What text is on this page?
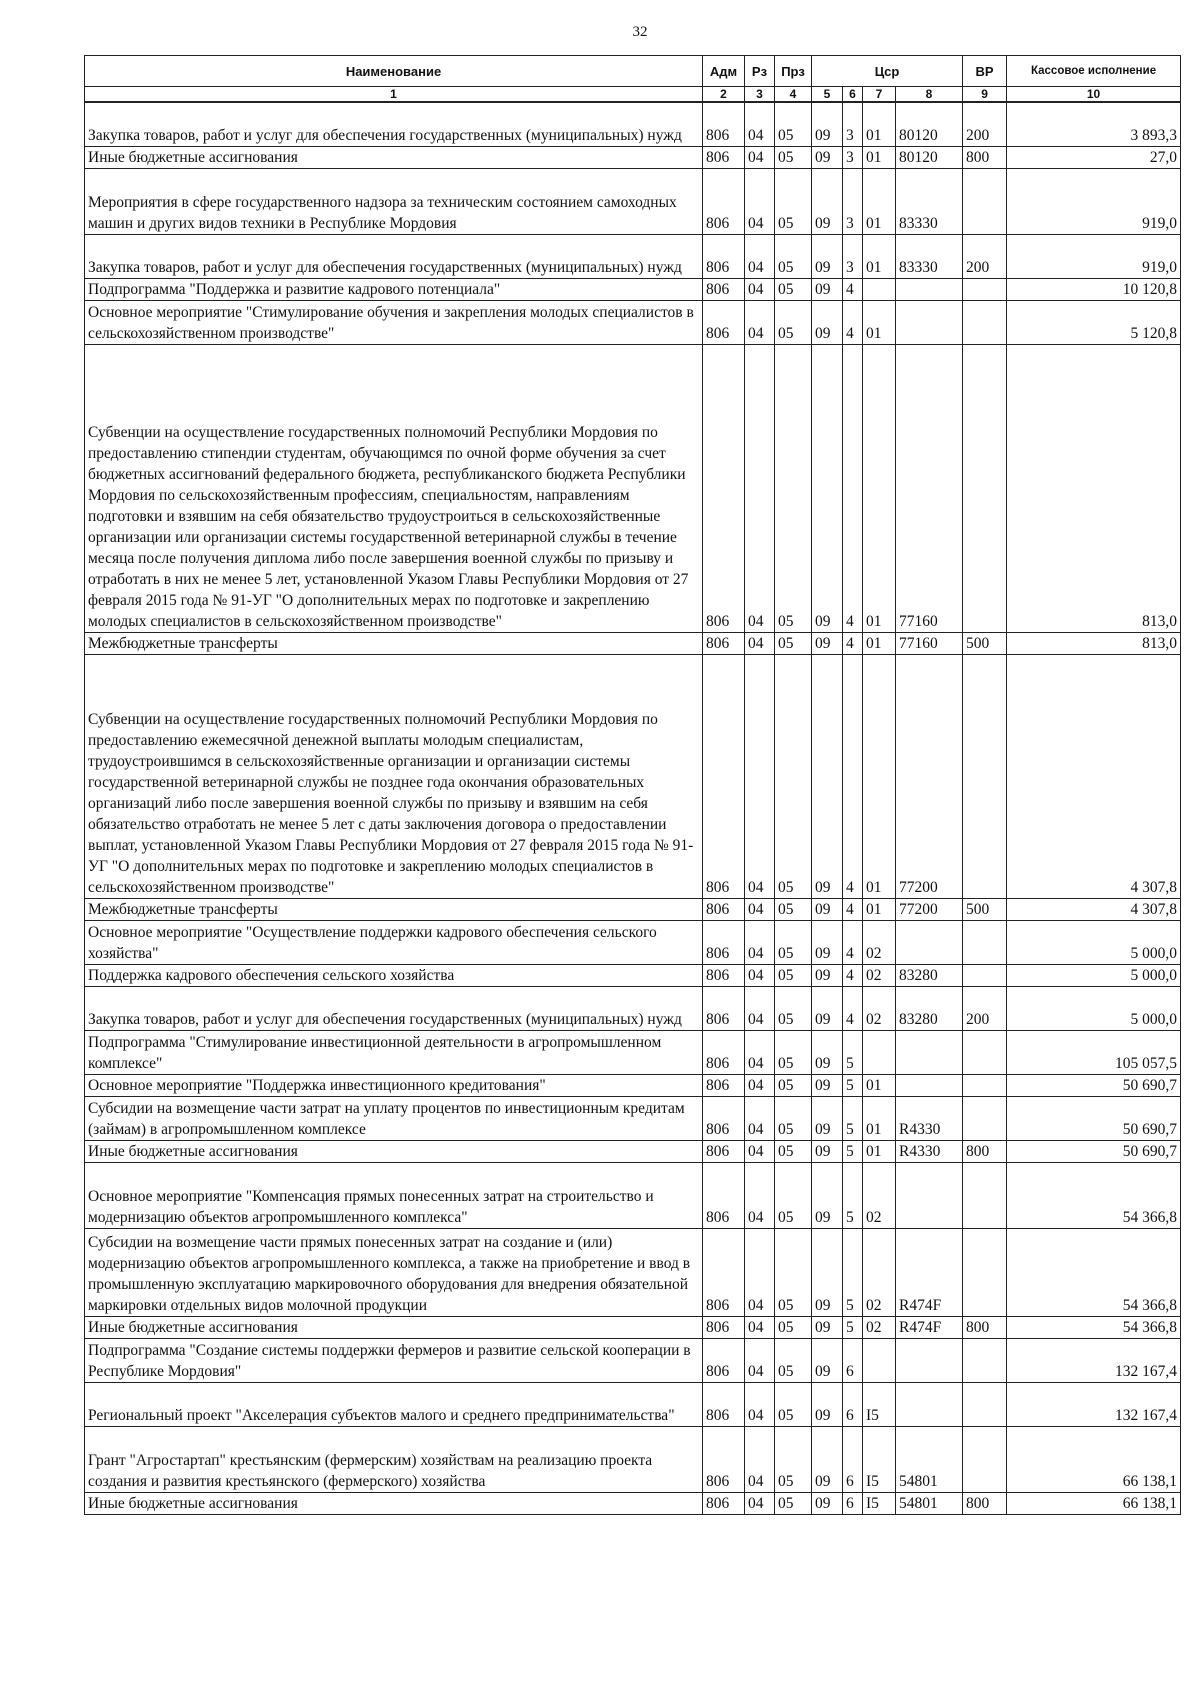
32
Наименование	Адм	Рз	Прз	Цср				ВР	Кассовое исполнение
1	2	3	4	5	6	7	8	9	10
Закупка товаров, работ и услуг для обеспечения государственных (муниципальных) нужд	806	04	05	09	3	01	80120	200	3 893,3
Иные бюджетные ассигнования	806	04	05	09	3	01	80120	800	27,0
Мероприятия в сфере государственного надзора за техническим состоянием самоходных машин и других видов техники в Республике Мордовия	806	04	05	09	3	01	83330		919,0
Закупка товаров, работ и услуг для обеспечения государственных (муниципальных) нужд	806	04	05	09	3	01	83330	200	919,0
Подпрограмма "Поддержка и развитие кадрового потенциала"	806	04	05	09	4				10 120,8
Основное мероприятие "Стимулирование обучения и закрепления молодых специалистов в сельскохозяйственном производстве"	806	04	05	09	4	01			5 120,8
Субвенции на осуществление государственных полномочий Республики Мордовия по предоставлению стипендии студентам, обучающимся по очной форме обучения за счет бюджетных ассигнований федерального бюджета, республиканского бюджета Республики Мордовия по сельскохозяйственным профессиям, специальностям, направлениям подготовки и взявшим на себя обязательство трудоустроиться в сельскохозяйственные организации или организации системы государственной ветеринарной службы в течение месяца после получения диплома либо после завершения военной службы по призыву и отработать в них не менее 5 лет, установленной Указом Главы Республики Мордовия от 27 февраля 2015 года № 91-УГ "О дополнительных мерах по подготовке и закреплению молодых специалистов в сельскохозяйственном производстве"	806	04	05	09	4	01	77160		813,0
Межбюджетные трансферты	806	04	05	09	4	01	77160	500	813,0
Субвенции на осуществление государственных полномочий Республики Мордовия по предоставлению ежемесячной денежной выплаты молодым специалистам, трудоустроившимся в сельскохозяйственные организации и организации системы государственной ветеринарной службы не позднее года окончания образовательных организаций либо после завершения военной службы по призыву и взявшим на себя обязательство отработать не менее 5 лет с даты заключения договора о предоставлении выплат, установленной Указом Главы Республики Мордовия от 27 февраля 2015 года № 91-УГ "О дополнительных мерах по подготовке и закреплению молодых специалистов в сельскохозяйственном производстве"	806	04	05	09	4	01	77200		4 307,8
Межбюджетные трансферты	806	04	05	09	4	01	77200	500	4 307,8
Основное мероприятие "Осуществление поддержки кадрового обеспечения сельского хозяйства"	806	04	05	09	4	02			5 000,0
Поддержка кадрового обеспечения сельского хозяйства	806	04	05	09	4	02	83280		5 000,0
Закупка товаров, работ и услуг для обеспечения государственных (муниципальных) нужд	806	04	05	09	4	02	83280	200	5 000,0
Подпрограмма "Стимулирование инвестиционной деятельности в агропромышленном комплексе"	806	04	05	09	5				105 057,5
Основное мероприятие "Поддержка инвестиционного кредитования"	806	04	05	09	5	01			50 690,7
Субсидии на возмещение части затрат на уплату процентов по инвестиционным кредитам (займам) в агропромышленном комплексе	806	04	05	09	5	01	R4330		50 690,7
Иные бюджетные ассигнования	806	04	05	09	5	01	R4330	800	50 690,7
Основное мероприятие "Компенсация прямых понесенных затрат на строительство и модернизацию объектов агропромышленного комплекса"	806	04	05	09	5	02			54 366,8
Субсидии на возмещение части прямых понесенных затрат на создание и (или) модернизацию объектов агропромышленного комплекса, а также на приобретение и ввод в промышленную эксплуатацию маркировочного оборудования для внедрения обязательной маркировки отдельных видов молочной продукции	806	04	05	09	5	02	R474F		54 366,8
Иные бюджетные ассигнования	806	04	05	09	5	02	R474F	800	54 366,8
Подпрограмма "Создание системы поддержки фермеров и развитие сельской кооперации в Республике Мордовия"	806	04	05	09	6				132 167,4
Региональный проект "Акселерация субъектов малого и среднего предпринимательства"	806	04	05	09	6	I5			132 167,4
Грант "Агростартап" крестьянским (фермерским) хозяйствам на реализацию проекта создания и развития крестьянского (фермерского) хозяйства	806	04	05	09	6	I5	54801		66 138,1
Иные бюджетные ассигнования	806	04	05	09	6	I5	54801	800	66 138,1
